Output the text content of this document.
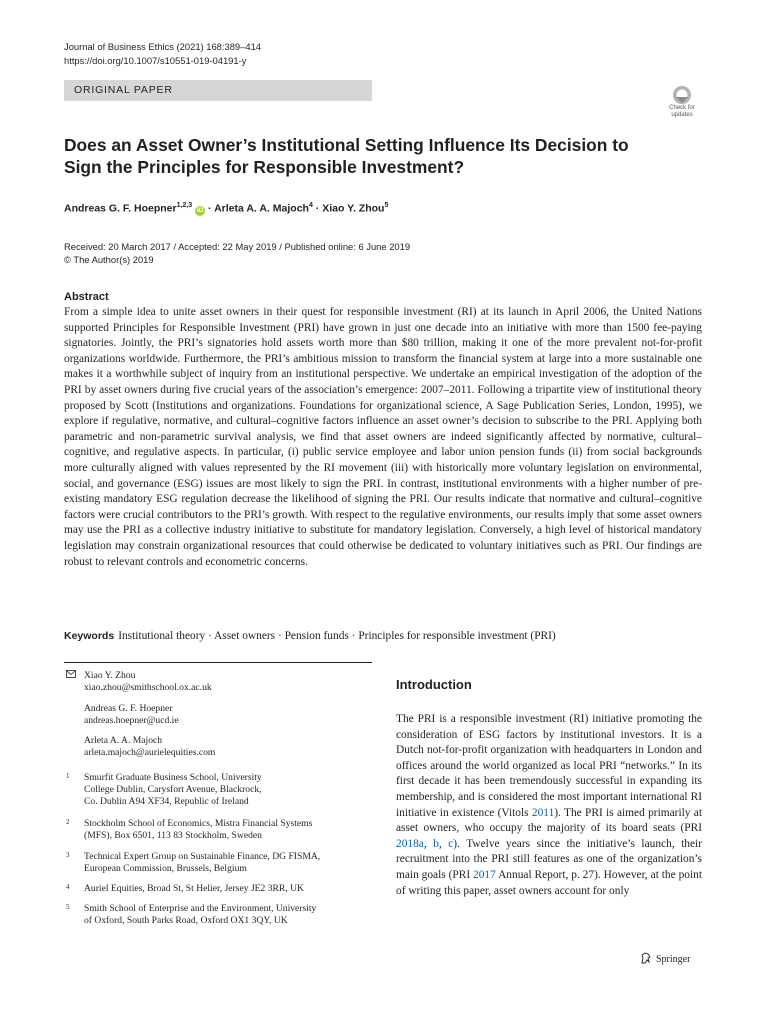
Journal of Business Ethics (2021) 168:389–414
https://doi.org/10.1007/s10551-019-04191-y
ORIGINAL PAPER
Check for
updates
Does an Asset Owner’s Institutional Setting Influence Its Decision to Sign the Principles for Responsible Investment?
Andreas G. F. Hoepner$^{1,2,3}$ iD · Arleta A. A. Majoch$^4$ · Xiao Y. Zhou$^5$
Received: 20 March 2017 / Accepted: 22 May 2019 / Published online: 6 June 2019
© The Author(s) 2019
Abstract
From a simple idea to unite asset owners in their quest for responsible investment (RI) at its launch in April 2006, the United Nations supported Principles for Responsible Investment (PRI) have grown in just one decade into an initiative with more than 1500 fee-paying signatories. Jointly, the PRI’s signatories hold assets worth more than $80 trillion, making it one of the more prevalent not-for-profit organizations worldwide. Furthermore, the PRI’s ambitious mission to transform the financial system at large into a more sustainable one makes it a worthwhile subject of inquiry from an institutional perspective. We undertake an empirical investigation of the adoption of the PRI by asset owners during five crucial years of the association’s emergence: 2007–2011. Following a tripartite view of institutional theory proposed by Scott (Institutions and organizations. Foundations for organizational science, A Sage Publication Series, London, 1995), we explore if regulative, normative, and cultural–cognitive factors influence an asset owner’s decision to subscribe to the PRI. Applying both parametric and non-parametric survival analysis, we find that asset owners are indeed significantly affected by normative, cultural–cognitive, and regulative aspects. In particular, (i) public service employee and labor union pension funds (ii) from social backgrounds more culturally aligned with values represented by the RI movement (iii) with historically more voluntary legislation on environmental, social, and governance (ESG) issues are most likely to sign the PRI. In contrast, institutional environments with a higher number of pre-existing mandatory ESG regulation decrease the likelihood of signing the PRI. Our results indicate that normative and cultural–cognitive factors were crucial contributors to the PRI’s growth. With respect to the regulative environments, our results imply that some asset owners may use the PRI as a collective industry initiative to substitute for mandatory legislation. Conversely, a high level of historical mandatory legislation may constrain organizational resources that could otherwise be dedicated to voluntary initiatives such as PRI. Our findings are robust to relevant controls and econometric concerns.
Keywords Institutional theory · Asset owners · Pension funds · Principles for responsible investment (PRI)
Xiao Y. Zhou
xiao.zhou@smithschool.ox.ac.uk
Andreas G. F. Hoepner
andreas.hoepner@ucd.ie
Arleta A. A. Majoch
arleta.majoch@aurielequities.com
1 Smurfit Graduate Business School, University
College Dublin, Carysfort Avenue, Blackrock,
Co. Dublin A94 XF34, Republic of Ireland
2 Stockholm School of Economics, Mistra Financial Systems
(MFS), Box 6501, 113 83 Stockholm, Sweden
3 Technical Expert Group on Sustainable Finance, DG FISMA,
European Commission, Brussels, Belgium
4 Auriel Equities, Broad St, St Helier, Jersey JE2 3RR, UK
5 Smith School of Enterprise and the Environment, University
of Oxford, South Parks Road, Oxford OX1 3QY, UK
Introduction
The PRI is a responsible investment (RI) initiative promoting the consideration of ESG factors by institutional investors. It is a Dutch not-for-profit organization with headquarters in London and offices around the world organized as local PRI “networks.” In its first decade it has been tremendously successful in expanding its membership, and is considered the most important international RI initiative in existence (Vitols 2011). The PRI is aimed primarily at asset owners, who occupy the majority of its board seats (PRI 2018a, b, c). Twelve years since the initiative’s launch, their recruitment into the PRI still features as one of the organization’s main goals (PRI 2017 Annual Report, p. 27). However, at the point of writing this paper, asset owners account for only
Springer
